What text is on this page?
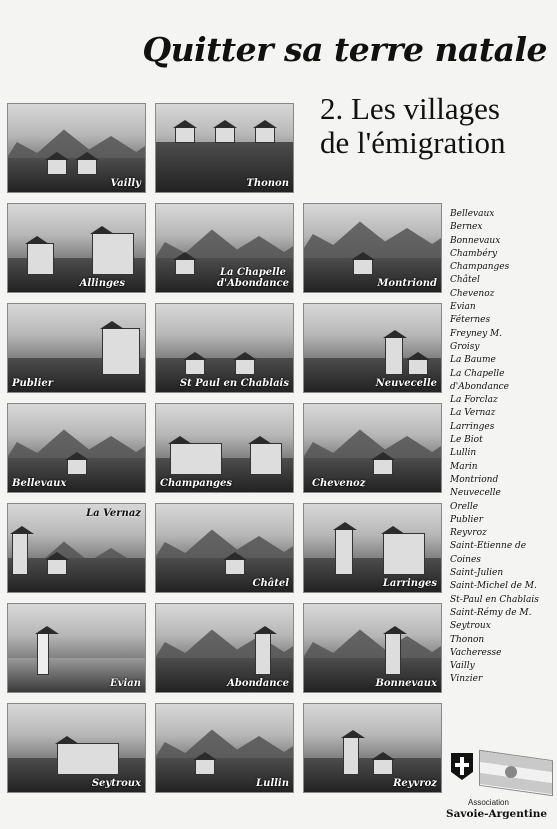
Quitter sa terre natale
2. Les villages
de l'émigration
Vailly	Thonon
Allinges
La Chapelle
d'Abondance	Montriond
Publier	St Paul en Chablais	Neuvecelle
Bellevaux	Champanges	Chevenoz
La Vernaz
Châtel	Larringes
Evian	Abondance	Bonnevaux
Seytroux	Lullin	Reyvroz
Bellevaux
Bernex
Bonnevaux
Chambéry
Champanges
Châtel
Chevenoz
Evian
Féternes
Freyney M.
Groisy
La Baume
La Chapelle d'Abondance
La Forclaz
La Vernaz
Larringes
Le Biot
Lullin
Marin
Montriond
Neuvecelle
Orelle
Publier
Reyvroz
Saint-Etienne de Coines
Saint-Julien
Saint-Michel de M.
St-Paul en Chablais
Saint-Rémy de M.
Seytroux
Thonon
Vacheresse
Vailly
Vinzier
Association
Savoie-Argentine
